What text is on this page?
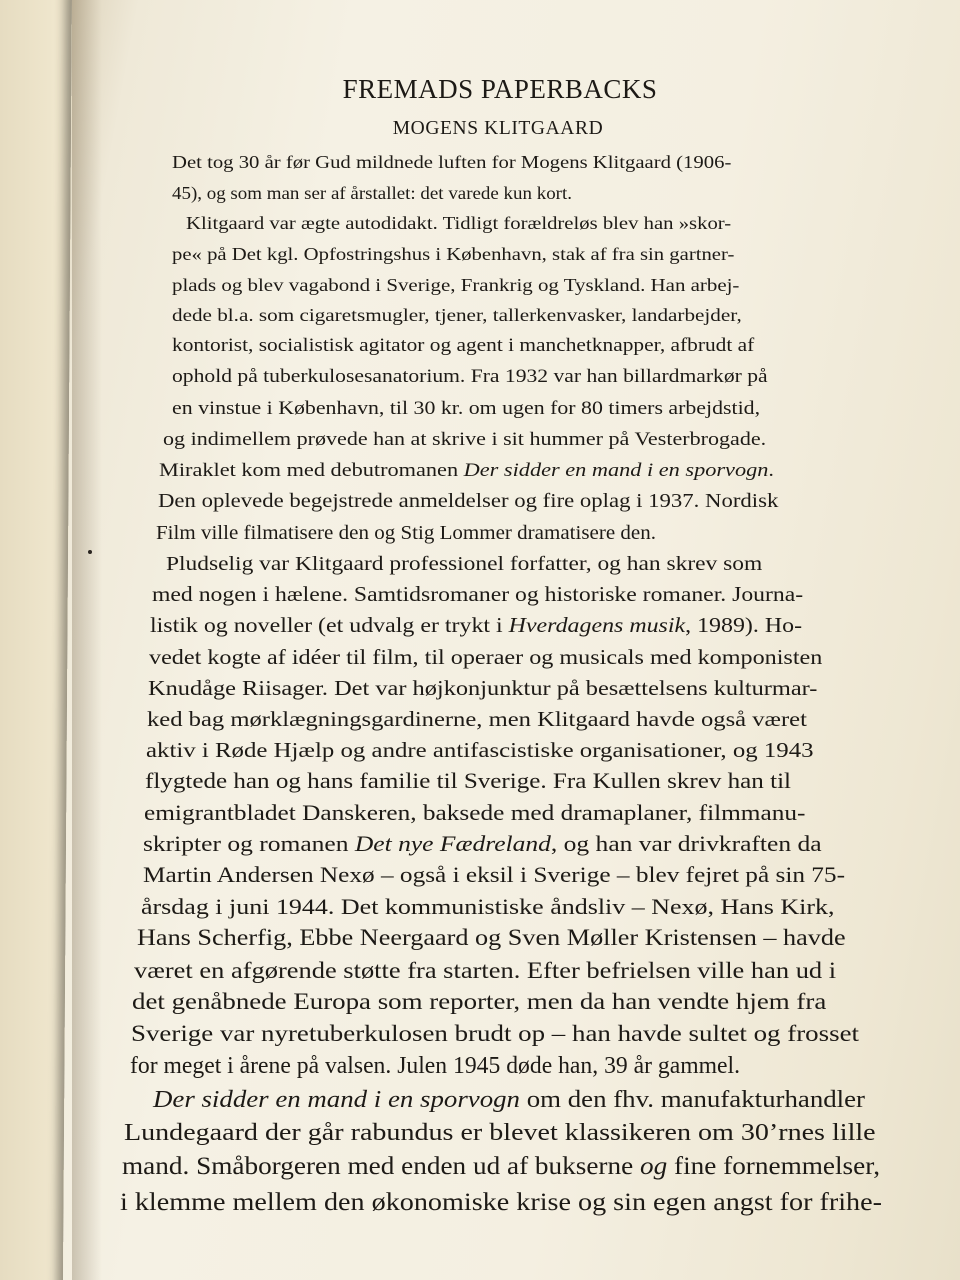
FREMADS PAPERBACKS
MOGENS KLITGAARD
Det tog 30 år før Gud mildnede luften for Mogens Klitgaard (1906-
45), og som man ser af årstallet: det varede kun kort.
Klitgaard var ægte autodidakt. Tidligt forældreløs blev han »skor-
pe« på Det kgl. Opfostringshus i København, stak af fra sin gartner-
plads og blev vagabond i Sverige, Frankrig og Tyskland. Han arbej-
dede bl.a. som cigaretsmugler, tjener, tallerkenvasker, landarbejder,
kontorist, socialistisk agitator og agent i manchetknapper, afbrudt af
ophold på tuberkulosesanatorium. Fra 1932 var han billardmarkør på
en vinstue i København, til 30 kr. om ugen for 80 timers arbejdstid,
og indimellem prøvede han at skrive i sit hummer på Vesterbrogade.
Miraklet kom med debutromanen Der sidder en mand i en sporvogn.
Den oplevede begejstrede anmeldelser og fire oplag i 1937. Nordisk
Film ville filmatisere den og Stig Lommer dramatisere den.
Pludselig var Klitgaard professionel forfatter, og han skrev som
med nogen i hælene. Samtidsromaner og historiske romaner. Journa-
listik og noveller (et udvalg er trykt i Hverdagens musik, 1989). Ho-
vedet kogte af idéer til film, til operaer og musicals med komponisten
Knudåge Riisager. Det var højkonjunktur på besættelsens kulturmar-
ked bag mørklægningsgardinerne, men Klitgaard havde også været
aktiv i Røde Hjælp og andre antifascistiske organisationer, og 1943
flygtede han og hans familie til Sverige. Fra Kullen skrev han til
emigrantbladet Danskeren, baksede med dramaplaner, filmmanu-
skripter og romanen Det nye Fædreland, og han var drivkraften da
Martin Andersen Nexø – også i eksil i Sverige – blev fejret på sin 75-
årsdag i juni 1944. Det kommunistiske åndsliv – Nexø, Hans Kirk,
Hans Scherfig, Ebbe Neergaard og Sven Møller Kristensen – havde
været en afgørende støtte fra starten. Efter befrielsen ville han ud i
det genåbnede Europa som reporter, men da han vendte hjem fra
Sverige var nyretuberkulosen brudt op – han havde sultet og frosset
for meget i årene på valsen. Julen 1945 døde han, 39 år gammel.
Der sidder en mand i en sporvogn om den fhv. manufakturhandler
Lundegaard der går rabundus er blevet klassikeren om 30’rnes lille
mand. Småborgeren med enden ud af bukserne og fine fornemmelser,
i klemme mellem den økonomiske krise og sin egen angst for frihe-
